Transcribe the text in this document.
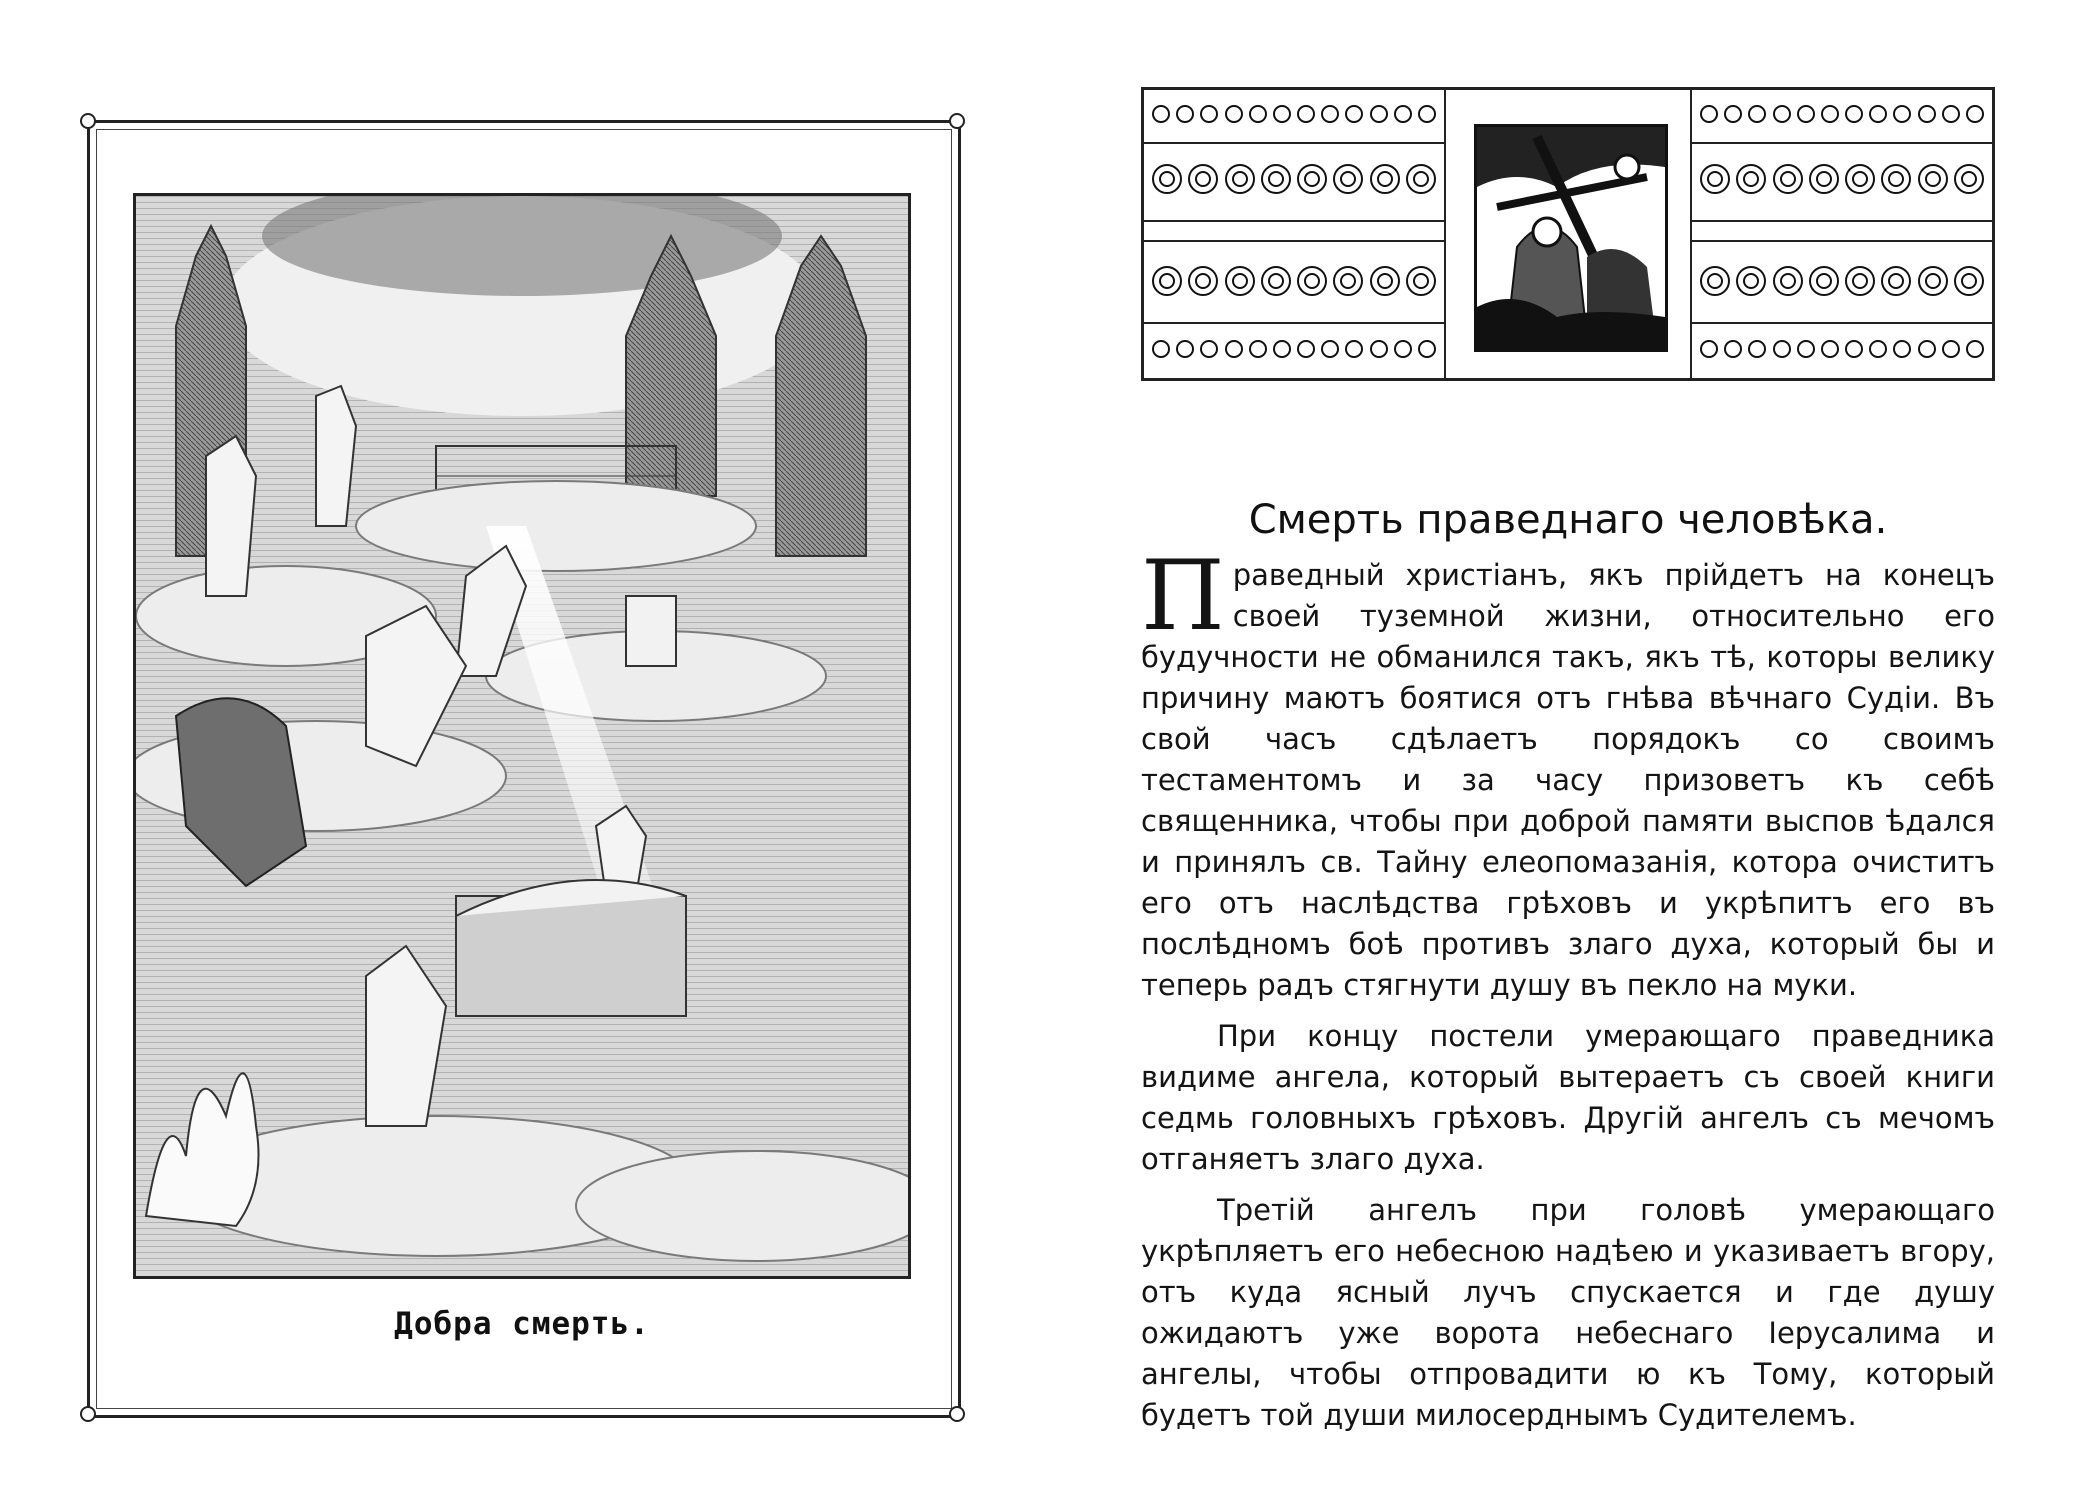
Добра смерть.
Смерть праведнаго человѣка.

П раведный христіанъ, якъ прійдетъ на конецъ своей туземной жизни, относительно его будучности не обманился такъ, якъ тѣ, которы велику причину маютъ боятися отъ гнѣва вѣчнаго Судіи. Въ свой часъ сдѣлаетъ порядокъ со своимъ тестаментомъ и за часу призоветъ къ себѣ священника, чтобы при доброй памяти выспов ѣдался и принялъ св. Тайну елеопомазанія, котора очиститъ его отъ наслѣдства грѣховъ и укрѣпитъ его въ послѣдномъ боѣ противъ злаго духа, который бы и теперь радъ стягнути душу въ пекло на муки.

При концу постели умерающаго праведника видиме ангела, который вытераетъ съ своей книги седмь головныхъ грѣховъ. Другій ангелъ съ мечомъ отганяетъ злаго духа.

Третій ангелъ при головѣ умерающаго укрѣпляетъ его небесною надѣею и указиваетъ вгору, отъ куда ясный лучъ спускается и где душу ожидаютъ уже ворота небеснаго Іерусалима и ангелы, чтобы отпровадити ю къ Тому, который будетъ той души милосерднымъ Судителемъ.
